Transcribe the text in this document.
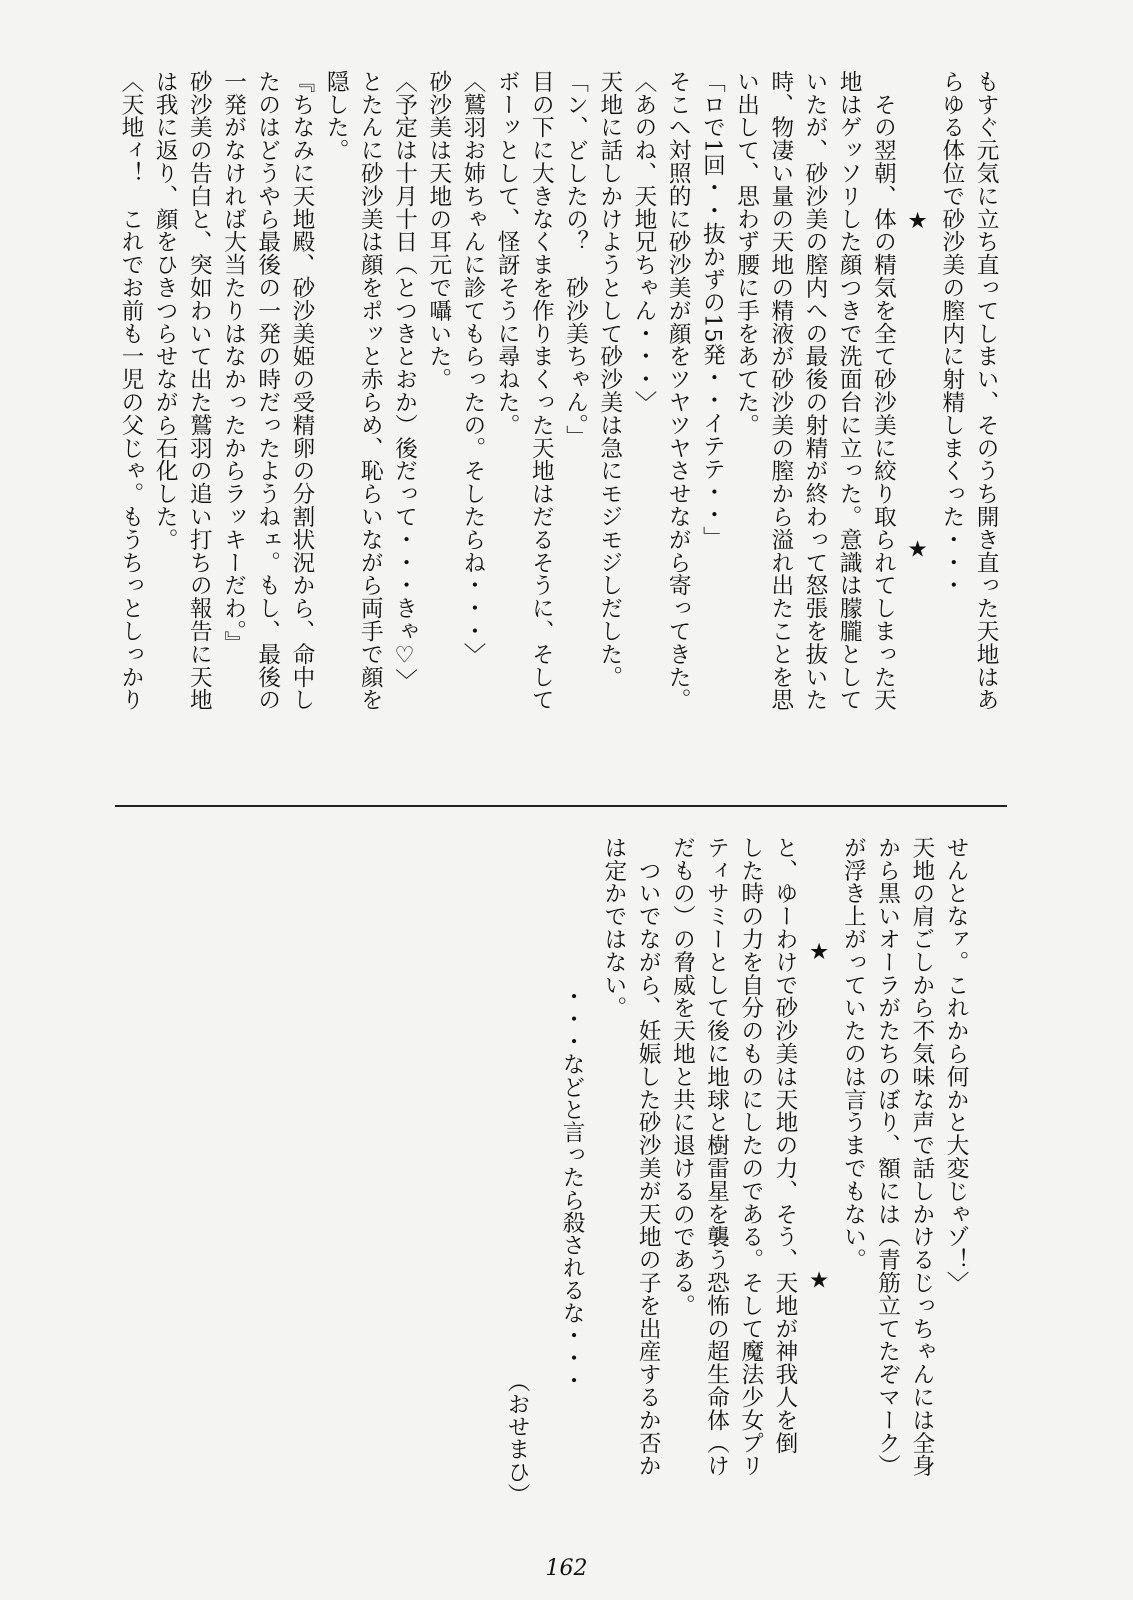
もすぐ元気に立ち直ってしまい、そのうち開き直った天地はあ

らゆる体位で砂沙美の膣内に射精しまくった・・・

★　★

　その翌朝、体の精気を全て砂沙美に絞り取られてしまった天

地はゲッソリした顔つきで洗面台に立った。意識は朦朧として

いたが、砂沙美の膣内への最後の射精が終わって怒張を抜いた

時、物凄い量の天地の精液が砂沙美の膣から溢れ出たことを思

い出して、思わず腰に手をあてた。

「ロで1回・・抜かずの15発・・イテテ・・」

そこへ対照的に砂沙美が顔をツヤツヤさせながら寄ってきた。

〈あのね、天地兄ちゃん・・・〉

天地に話しかけようとして砂沙美は急にモジモジしだした。

「ン、どしたの？　砂沙美ちゃん。」

目の下に大きなくまを作りまくった天地はだるそうに、そして

ボーッとして、怪訝そうに尋ねた。

〈鷲羽お姉ちゃんに診てもらったの。そしたらね・・・〉

砂沙美は天地の耳元で囁いた。

〈予定は十月十日（とつきとおか）後だって・・・きゃ♡〉

とたんに砂沙美は顔をポッと赤らめ、恥らいながら両手で顔を

隠した。

『ちなみに天地殿、砂沙美姫の受精卵の分割状況から、命中し

たのはどうやら最後の一発の時だったようねェ。もし、最後の

一発がなければ大当たりはなかったからラッキーだわ。』

砂沙美の告白と、突如わいて出た鷲羽の追い打ちの報告に天地

は我に返り、顔をひきつらせながら石化した。

〈天地ィ！　これでお前も一児の父じゃ。もうちっとしっかり

せんとなァ。これから何かと大変じゃゾ！〉

天地の肩ごしから不気味な声で話しかけるじっちゃんには全身

から黒いオーラがたちのぼり、額には（青筋立てたぞマーク）

が浮き上がっていたのは言うまでもない。

★　★

と、ゆーわけで砂沙美は天地の力、そう、天地が神我人を倒

した時の力を自分のものにしたのである。そして魔法少女プリ

ティサミーとして後に地球と樹雷星を襲う恐怖の超生命体（け

だもの）の脅威を天地と共に退けるのである。

　ついでながら、妊娠した砂沙美が天地の子を出産するか否か

は定かではない。

・・・などと言ったら殺されるな・・・
（おせまひ）
162
